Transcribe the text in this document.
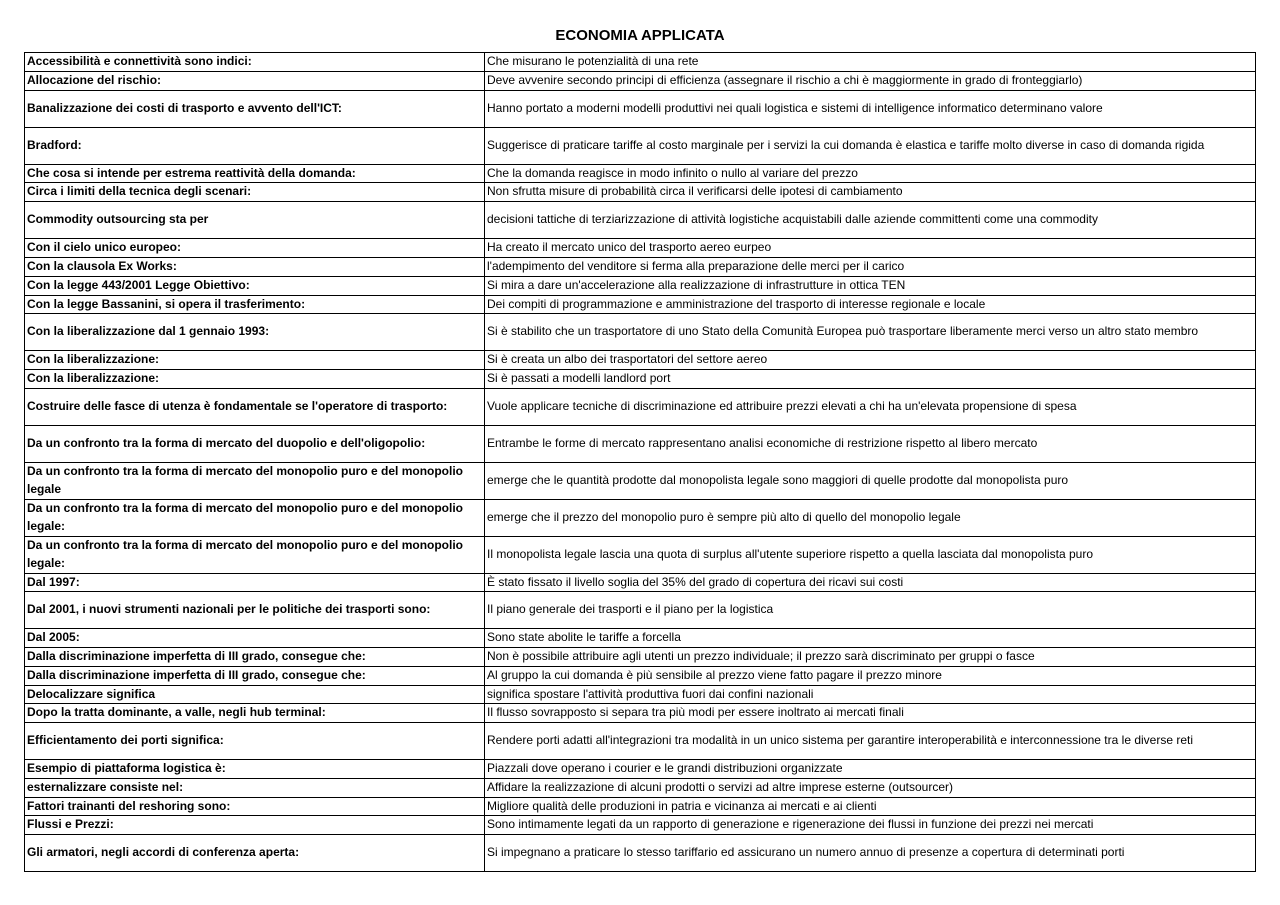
ECONOMIA APPLICATA
Accessibilità e connettività sono indici:	Che misurano le potenzialità di una rete
Allocazione del rischio:	Deve avvenire secondo principi di efficienza (assegnare il rischio a chi è maggiormente in grado di fronteggiarlo)
Banalizzazione dei costi di trasporto e avvento dell'ICT:	Hanno portato a moderni modelli produttivi nei quali logistica e sistemi di intelligence informatico determinano valore
Bradford:	Suggerisce di praticare tariffe al costo marginale per i servizi la cui domanda è elastica e tariffe molto diverse in caso di domanda rigida
Che cosa si intende per estrema reattività della domanda:	Che la domanda reagisce in modo infinito o nullo al variare del prezzo
Circa i limiti della tecnica degli scenari:	Non sfrutta misure di probabilità circa il verificarsi delle ipotesi di cambiamento
Commodity outsourcing sta per	decisioni tattiche di terziarizzazione di attività logistiche acquistabili dalle aziende committenti come una commodity
Con il cielo unico europeo:	Ha creato il mercato unico del trasporto aereo eurpeo
Con la clausola Ex Works:	l'adempimento del venditore si ferma alla preparazione delle merci per il carico
Con la legge 443/2001 Legge Obiettivo:	Si mira a dare un'accelerazione alla realizzazione di infrastrutture in ottica TEN
Con la legge Bassanini, si opera il trasferimento:	Dei compiti di programmazione e amministrazione del trasporto di interesse regionale e locale
Con la liberalizzazione dal 1 gennaio 1993:	Si è stabilito che un trasportatore di uno Stato della Comunità Europea può trasportare liberamente merci verso un altro stato membro
Con la liberalizzazione:	Si è creata un albo dei trasportatori del settore aereo
Con la liberalizzazione:	Si è passati a modelli landlord port
Costruire delle fasce di utenza è fondamentale se l'operatore di trasporto:	Vuole applicare tecniche di discriminazione ed attribuire prezzi elevati a chi ha un'elevata propensione di spesa
Da un confronto tra la forma di mercato del duopolio e dell'oligopolio:	Entrambe le forme di mercato rappresentano analisi economiche di restrizione rispetto al libero mercato
Da un confronto tra la forma di mercato del monopolio puro e del monopolio legale	emerge che le quantità prodotte dal monopolista legale sono maggiori di quelle prodotte dal monopolista puro
Da un confronto tra la forma di mercato del monopolio puro e del monopolio legale:	emerge che il prezzo del monopolio puro è sempre più alto di quello del monopolio legale
Da un confronto tra la forma di mercato del monopolio puro e del monopolio legale:	Il monopolista legale lascia una quota di surplus all'utente superiore rispetto a quella lasciata dal monopolista puro
Dal 1997:	È stato fissato il livello soglia del 35% del grado di copertura dei ricavi sui costi
Dal 2001, i nuovi strumenti nazionali per le politiche dei trasporti sono:	Il piano generale dei trasporti e il piano per la logistica
Dal 2005:	Sono state abolite le tariffe a forcella
Dalla discriminazione imperfetta di III grado, consegue che:	Non è possibile attribuire agli utenti un prezzo individuale; il prezzo sarà discriminato per gruppi o fasce
Dalla discriminazione imperfetta di III grado, consegue che:	Al gruppo la cui domanda è più sensibile al prezzo viene fatto pagare il prezzo minore
Delocalizzare significa	significa spostare l'attività produttiva fuori dai confini nazionali
Dopo la tratta dominante, a valle, negli hub terminal:	Il flusso sovrapposto si separa tra più modi per essere inoltrato ai mercati finali
Efficientamento dei porti significa:	Rendere porti adatti all'integrazioni tra modalità in un unico sistema per garantire interoperabilità e interconnessione tra le diverse reti
Esempio di piattaforma logistica è:	Piazzali dove operano i courier e le grandi distribuzioni organizzate
esternalizzare consiste nel:	Affidare la realizzazione di alcuni prodotti o servizi ad altre imprese esterne (outsourcer)
Fattori trainanti del reshoring sono:	Migliore qualità delle produzioni in patria e vicinanza ai mercati e ai clienti
Flussi e Prezzi:	Sono intimamente legati da un rapporto di generazione e rigenerazione dei flussi in funzione dei prezzi nei mercati
Gli armatori, negli accordi di conferenza aperta:	Si impegnano a praticare lo stesso tariffario ed assicurano un numero annuo di presenze a copertura di determinati porti
